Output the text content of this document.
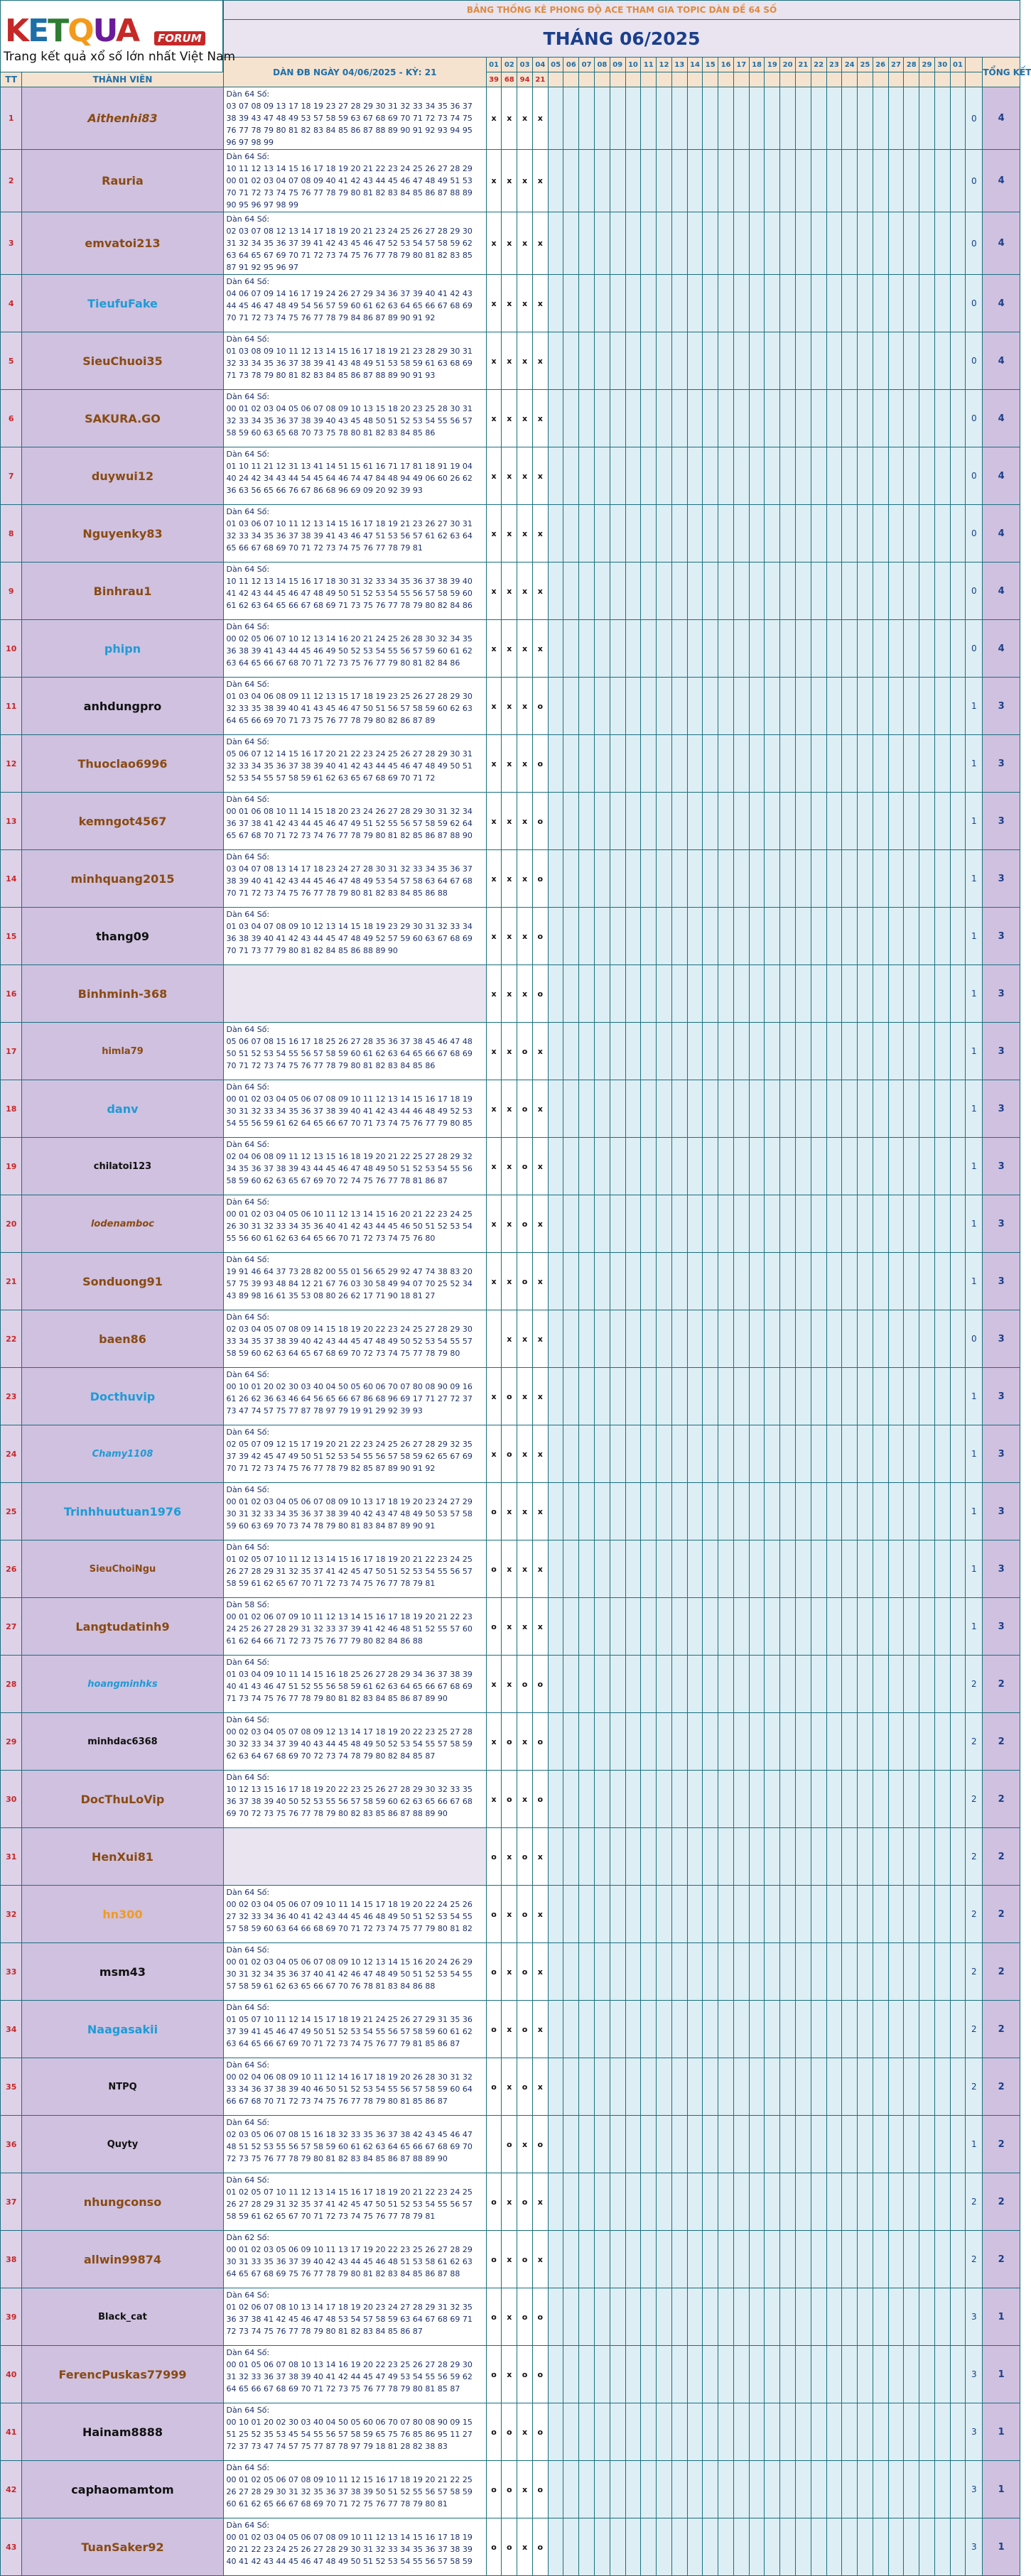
KETQUA FORUM
Trang kết quả xổ số lớn nhất Việt Nam		BẢNG THỐNG KÊ PHONG ĐỘ ACE THAM GIA TOPIC DÀN ĐỀ 64 SỐ																																	
		THÁNG 06/2025																																	
		DÀN ĐB NGÀY 04/06/2025 - KỲ: 21	01	02	03	04	05	06	07	08	09	10	11	12	13	14	15	16	17	18	19	20	21	22	23	24	25	26	27	28	29	30	01		TỔNG KẾT
TT	THÀNH VIÊN		39	68	94	21																													
1	Aithenhi83	Dàn 64 Số:
03 07 08 09 13 17 18 19 23 27 28 29 30 31 32 33 34 35 36 37 38 39 43 47 48 49 53 57 58 59 63 67 68 69 70 71 72 73 74 75 76 77 78 79 80 81 82 83 84 85 86 87 88 89 90 91 92 93 94 95 96 97 98 99	x	x	x	x																												0	4
2	Rauria	Dàn 64 Số:
10 11 12 13 14 15 16 17 18 19 20 21 22 23 24 25 26 27 28 29 00 01 02 03 04 07 08 09 40 41 42 43 44 45 46 47 48 49 51 53 70 71 72 73 74 75 76 77 78 79 80 81 82 83 84 85 86 87 88 89 90 95 96 97 98 99	x	x	x	x																												0	4
3	emvatoi213	Dàn 64 Số:
02 03 07 08 12 13 14 17 18 19 20 21 23 24 25 26 27 28 29 30 31 32 34 35 36 37 39 41 42 43 45 46 47 52 53 54 57 58 59 62 63 64 65 67 69 70 71 72 73 74 75 76 77 78 79 80 81 82 83 85 87 91 92 95 96 97	x	x	x	x																												0	4
4	TieufuFake	Dàn 64 Số:
04 06 07 09 14 16 17 19 24 26 27 29 34 36 37 39 40 41 42 43 44 45 46 47 48 49 54 56 57 59 60 61 62 63 64 65 66 67 68 69 70 71 72 73 74 75 76 77 78 79 84 86 87 89 90 91 92	x	x	x	x																												0	4
5	SieuChuoi35	Dàn 64 Số:
01 03 08 09 10 11 12 13 14 15 16 17 18 19 21 23 28 29 30 31 32 33 34 35 36 37 38 39 41 43 48 49 51 53 58 59 61 63 68 69 71 73 78 79 80 81 82 83 84 85 86 87 88 89 90 91 93	x	x	x	x																												0	4
6	SAKURA.GO	Dàn 64 Số:
00 01 02 03 04 05 06 07 08 09 10 13 15 18 20 23 25 28 30 31 32 33 34 35 36 37 38 39 40 43 45 48 50 51 52 53 54 55 56 57 58 59 60 63 65 68 70 73 75 78 80 81 82 83 84 85 86	x	x	x	x																												0	4
7	duywui12	Dàn 64 Số:
01 10 11 21 12 31 13 41 14 51 15 61 16 71 17 81 18 91 19 04 40 24 42 34 43 44 54 45 64 46 74 47 84 48 94 49 06 60 26 62 36 63 56 65 66 76 67 86 68 96 69 09 20 92 39 93	x	x	x	x																												0	4
8	Nguyenky83	Dàn 64 Số:
01 03 06 07 10 11 12 13 14 15 16 17 18 19 21 23 26 27 30 31 32 33 34 35 36 37 38 39 41 43 46 47 51 53 56 57 61 62 63 64 65 66 67 68 69 70 71 72 73 74 75 76 77 78 79 81	x	x	x	x																												0	4
9	Binhrau1	Dàn 64 Số:
10 11 12 13 14 15 16 17 18 30 31 32 33 34 35 36 37 38 39 40 41 42 43 44 45 46 47 48 49 50 51 52 53 54 55 56 57 58 59 60 61 62 63 64 65 66 67 68 69 71 73 75 76 77 78 79 80 82 84 86	x	x	x	x																												0	4
10	phipn	Dàn 64 Số:
00 02 05 06 07 10 12 13 14 16 20 21 24 25 26 28 30 32 34 35 36 38 39 41 43 44 45 46 49 50 52 53 54 55 56 57 59 60 61 62 63 64 65 66 67 68 70 71 72 73 75 76 77 79 80 81 82 84 86	x	x	x	x																												0	4
11	anhdungpro	Dàn 64 Số:
01 03 04 06 08 09 11 12 13 15 17 18 19 23 25 26 27 28 29 30 32 33 35 38 39 40 41 43 45 46 47 50 51 56 57 58 59 60 62 63 64 65 66 69 70 71 73 75 76 77 78 79 80 82 86 87 89	x	x	x	o																												1	3
12	Thuoclao6996	Dàn 64 Số:
05 06 07 12 14 15 16 17 20 21 22 23 24 25 26 27 28 29 30 31 32 33 34 35 36 37 38 39 40 41 42 43 44 45 46 47 48 49 50 51 52 53 54 55 57 58 59 61 62 63 65 67 68 69 70 71 72	x	x	x	o																												1	3
13	kemngot4567	Dàn 64 Số:
00 01 06 08 10 11 14 15 18 20 23 24 26 27 28 29 30 31 32 34 36 37 38 41 42 43 44 45 46 47 49 51 52 55 56 57 58 59 62 64 65 67 68 70 71 72 73 74 76 77 78 79 80 81 82 85 86 87 88 90	x	x	x	o																												1	3
14	minhquang2015	Dàn 64 Số:
03 04 07 08 13 14 17 18 23 24 27 28 30 31 32 33 34 35 36 37 38 39 40 41 42 43 44 45 46 47 48 49 53 54 57 58 63 64 67 68 70 71 72 73 74 75 76 77 78 79 80 81 82 83 84 85 86 88	x	x	x	o																												1	3
15	thang09	Dàn 64 Số:
01 03 04 07 08 09 10 12 13 14 15 18 19 23 29 30 31 32 33 34 36 38 39 40 41 42 43 44 45 47 48 49 52 57 59 60 63 67 68 69 70 71 73 77 79 80 81 82 84 85 86 88 89 90	x	x	x	o																												1	3
16	Binhminh-368		x	x	x	o																												1	3
17	himla79	Dàn 64 Số:
05 06 07 08 15 16 17 18 25 26 27 28 35 36 37 38 45 46 47 48 50 51 52 53 54 55 56 57 58 59 60 61 62 63 64 65 66 67 68 69 70 71 72 73 74 75 76 77 78 79 80 81 82 83 84 85 86	x	x	o	x																												1	3
18	danv	Dàn 64 Số:
00 01 02 03 04 05 06 07 08 09 10 11 12 13 14 15 16 17 18 19 30 31 32 33 34 35 36 37 38 39 40 41 42 43 44 46 48 49 52 53 54 55 56 59 61 62 64 65 66 67 70 71 73 74 75 76 77 79 80 85	x	x	o	x																												1	3
19	chilatoi123	Dàn 64 Số:
02 04 06 08 09 11 12 13 15 16 18 19 20 21 22 25 27 28 29 32 34 35 36 37 38 39 43 44 45 46 47 48 49 50 51 52 53 54 55 56 58 59 60 62 63 65 67 69 70 72 74 75 76 77 78 81 86 87	x	x	o	x																												1	3
20	lodenamboc	Dàn 64 Số:
00 01 02 03 04 05 06 10 11 12 13 14 15 16 20 21 22 23 24 25 26 30 31 32 33 34 35 36 40 41 42 43 44 45 46 50 51 52 53 54 55 56 60 61 62 63 64 65 66 70 71 72 73 74 75 76 80	x	x	o	x																												1	3
21	Sonduong91	Dàn 64 Số:
19 91 46 64 37 73 28 82 00 55 01 56 65 29 92 47 74 38 83 20 57 75 39 93 48 84 12 21 67 76 03 30 58 49 94 07 70 25 52 34 43 89 98 16 61 35 53 08 80 26 62 17 71 90 18 81 27	x	x	o	x																												1	3
22	baen86	Dàn 64 Số:
02 03 04 05 07 08 09 14 15 18 19 20 22 23 24 25 27 28 29 30 33 34 35 37 38 39 40 42 43 44 45 47 48 49 50 52 53 54 55 57 58 59 60 62 63 64 65 67 68 69 70 72 73 74 75 77 78 79 80		x	x	x																												0	3
23	Docthuvip	Dàn 64 Số:
00 10 01 20 02 30 03 40 04 50 05 60 06 70 07 80 08 90 09 16 61 26 62 36 63 46 64 56 65 66 67 86 68 96 69 17 71 27 72 37 73 47 74 57 75 77 87 78 97 79 19 91 29 92 39 93	x	o	x	x																												1	3
24	Chamy1108	Dàn 64 Số:
02 05 07 09 12 15 17 19 20 21 22 23 24 25 26 27 28 29 32 35 37 39 42 45 47 49 50 51 52 53 54 55 56 57 58 59 62 65 67 69 70 71 72 73 74 75 76 77 78 79 82 85 87 89 90 91 92	x	o	x	x																												1	3
25	Trinhhuutuan1976	Dàn 64 Số:
00 01 02 03 04 05 06 07 08 09 10 13 17 18 19 20 23 24 27 29 30 31 32 33 34 35 36 37 38 39 40 42 43 47 48 49 50 53 57 58 59 60 63 69 70 73 74 78 79 80 81 83 84 87 89 90 91	o	x	x	x																												1	3
26	SieuChoiNgu	Dàn 64 Số:
01 02 05 07 10 11 12 13 14 15 16 17 18 19 20 21 22 23 24 25 26 27 28 29 31 32 35 37 41 42 45 47 50 51 52 53 54 55 56 57 58 59 61 62 65 67 70 71 72 73 74 75 76 77 78 79 81	o	x	x	x																												1	3
27	Langtudatinh9	Dàn 58 Số:
00 01 02 06 07 09 10 11 12 13 14 15 16 17 18 19 20 21 22 23 24 25 26 27 28 29 31 32 33 37 39 41 42 46 48 51 52 55 57 60 61 62 64 66 71 72 73 75 76 77 79 80 82 84 86 88	o	x	x	x																												1	3
28	hoangminhks	Dàn 64 Số:
01 03 04 09 10 11 14 15 16 18 25 26 27 28 29 34 36 37 38 39 40 41 43 46 47 51 52 55 56 58 59 61 62 63 64 65 66 67 68 69 71 73 74 75 76 77 78 79 80 81 82 83 84 85 86 87 89 90	x	x	o	o																												2	2
29	minhdac6368	Dàn 64 Số:
00 02 03 04 05 07 08 09 12 13 14 17 18 19 20 22 23 25 27 28 30 32 33 34 37 39 40 43 44 45 48 49 50 52 53 54 55 57 58 59 62 63 64 67 68 69 70 72 73 74 78 79 80 82 84 85 87	x	o	x	o																												2	2
30	DocThuLoVip	Dàn 64 Số:
10 12 13 15 16 17 18 19 20 22 23 25 26 27 28 29 30 32 33 35 36 37 38 39 40 50 52 53 55 56 57 58 59 60 62 63 65 66 67 68 69 70 72 73 75 76 77 78 79 80 82 83 85 86 87 88 89 90	x	o	x	o																												2	2
31	HenXui81		o	x	o	x																												2	2
32	hn300	Dàn 64 Số:
00 02 03 04 05 06 07 09 10 11 14 15 17 18 19 20 22 24 25 26 27 32 33 34 36 40 41 42 43 44 45 46 48 49 50 51 52 53 54 55 57 58 59 60 63 64 66 68 69 70 71 72 73 74 75 77 79 80 81 82	o	x	o	x																												2	2
33	msm43	Dàn 64 Số:
00 01 02 03 04 05 06 07 08 09 10 12 13 14 15 16 20 24 26 29 30 31 32 34 35 36 37 40 41 42 46 47 48 49 50 51 52 53 54 55 57 58 59 61 62 63 65 66 67 70 76 78 81 83 84 86 88	o	x	o	x																												2	2
34	Naagasakii	Dàn 64 Số:
01 05 07 10 11 12 14 15 17 18 19 21 24 25 26 27 29 31 35 36 37 39 41 45 46 47 49 50 51 52 53 54 55 56 57 58 59 60 61 62 63 64 65 66 67 69 70 71 72 73 74 75 76 77 79 81 85 86 87	o	x	o	x																												2	2
35	NTPQ	Dàn 64 Số:
00 02 04 06 08 09 10 11 12 14 16 17 18 19 20 26 28 30 31 32 33 34 36 37 38 39 40 46 50 51 52 53 54 55 56 57 58 59 60 64 66 67 68 70 71 72 73 74 75 76 77 78 79 80 81 85 86 87	o	x	o	x																												2	2
36	Quyty	Dàn 64 Số:
02 03 05 06 07 08 15 16 18 32 33 35 36 37 38 42 43 45 46 47 48 51 52 53 55 56 57 58 59 60 61 62 63 64 65 66 67 68 69 70 72 73 75 76 77 78 79 80 81 82 83 84 85 86 87 88 89 90		o	x	o																												1	2
37	nhungconso	Dàn 64 Số:
01 02 05 07 10 11 12 13 14 15 16 17 18 19 20 21 22 23 24 25 26 27 28 29 31 32 35 37 41 42 45 47 50 51 52 53 54 55 56 57 58 59 61 62 65 67 70 71 72 73 74 75 76 77 78 79 81	o	x	o	x																												2	2
38	allwin99874	Dàn 62 Số:
00 01 02 03 05 06 09 10 11 13 17 19 20 22 23 25 26 27 28 29 30 31 33 35 36 37 39 40 42 43 44 45 46 48 51 53 58 61 62 63 64 65 67 68 69 75 76 77 78 79 80 81 82 83 84 85 86 87 88	o	x	o	x																												2	2
39	Black_cat	Dàn 64 Số:
01 02 06 07 08 10 13 14 17 18 19 20 23 24 27 28 29 31 32 35 36 37 38 41 42 45 46 47 48 53 54 57 58 59 63 64 67 68 69 71 72 73 74 75 76 77 78 79 80 81 82 83 84 85 86 87	o	x	o	o																												3	1
40	FerencPuskas77999	Dàn 64 Số:
00 01 05 06 07 08 10 13 14 16 19 20 22 23 25 26 27 28 29 30 31 32 33 36 37 38 39 40 41 42 44 45 47 49 53 54 55 56 59 62 64 65 66 67 68 69 70 71 72 73 75 76 77 78 79 80 81 85 87	o	x	o	o																												3	1
41	Hainam8888	Dàn 64 Số:
00 10 01 20 02 30 03 40 04 50 05 60 06 70 07 80 08 90 09 15 51 25 52 35 53 45 54 55 56 57 58 59 65 75 76 85 86 95 11 27 72 37 73 47 74 57 75 77 87 78 97 79 18 81 28 82 38 83	o	o	x	o																												3	1
42	caphaomamtom	Dàn 64 Số:
00 01 02 05 06 07 08 09 10 11 12 15 16 17 18 19 20 21 22 25 26 27 28 29 30 31 32 35 36 37 38 39 50 51 52 55 56 57 58 59 60 61 62 65 66 67 68 69 70 71 72 75 76 77 78 79 80 81	o	o	x	o																												3	1
43	TuanSaker92	Dàn 64 Số:
00 01 02 03 04 05 06 07 08 09 10 11 12 13 14 15 16 17 18 19 20 21 22 23 24 25 26 27 28 29 30 31 32 33 34 35 36 37 38 39 40 41 42 43 44 45 46 47 48 49 50 51 52 53 54 55 56 57 58 59	o	o	x	o																												3	1
